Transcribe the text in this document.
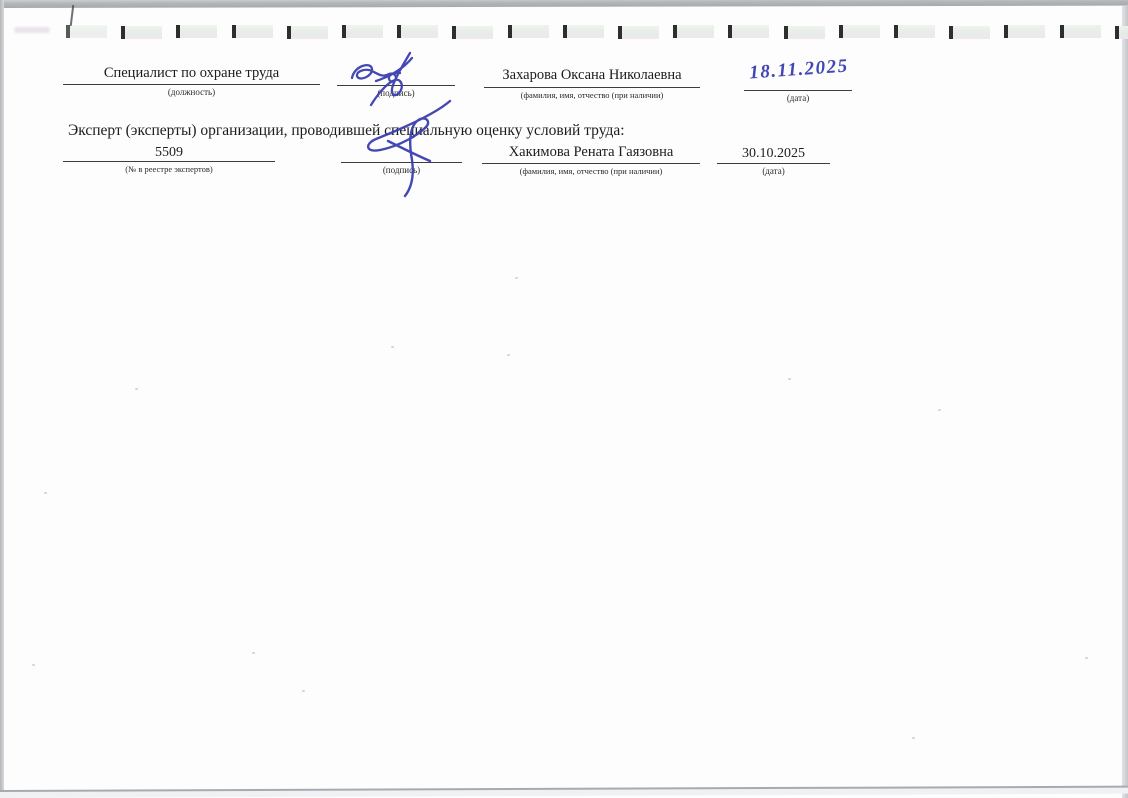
Специалист по охране труда
(должность)	(подпись)
Захарова Оксана Николаевна
(фамилия, имя, отчество (при наличии)
18.11.2025
(дата)
Эксперт (эксперты) организации, проводившей специальную оценку условий труда:
5509
(№ в реестре экспертов)	(подпись)
Хакимова Рената Гаязовна
(фамилия, имя, отчество (при наличии)
30.10.2025
(дата)
